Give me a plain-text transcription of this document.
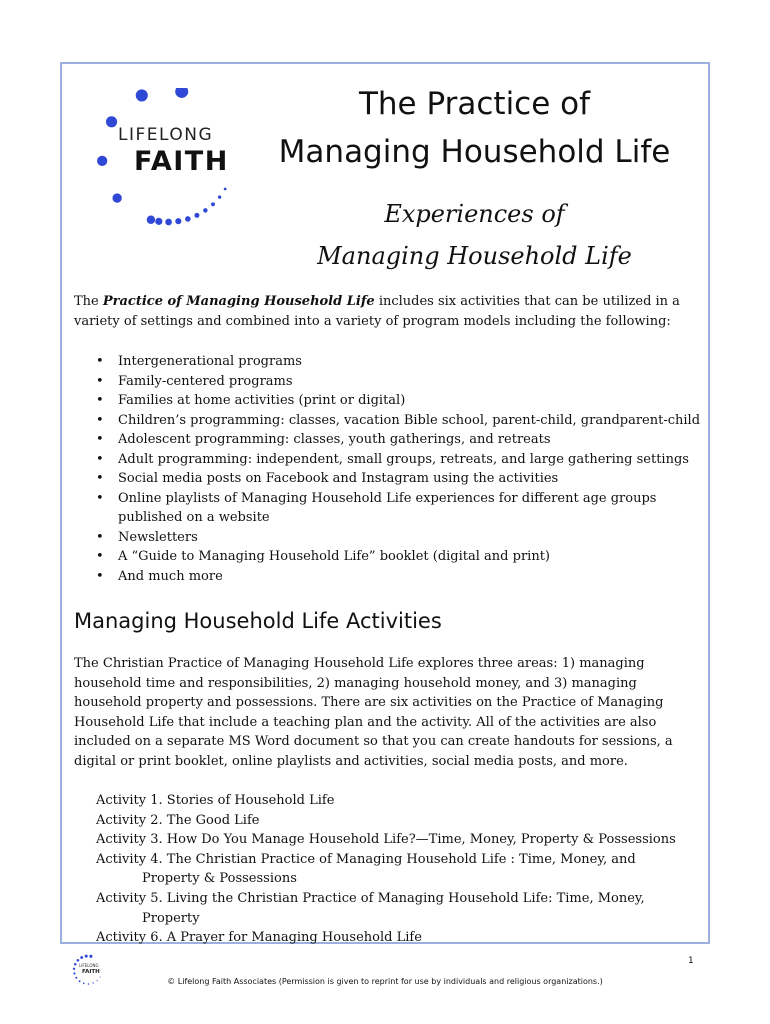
LIFELONG
FAITH
The Practice of
Managing Household Life
Experiences of
Managing Household Life

The Practice of Managing Household Life includes six activities that can be utilized in a variety of settings and combined into a variety of program models including the following:

• Intergenerational programs
• Family-centered programs
• Families at home activities (print or digital)
• Children’s programming: classes, vacation Bible school, parent-child, grandparent-child
• Adolescent programming: classes, youth gatherings, and retreats
• Adult programming: independent, small groups, retreats, and large gathering settings
• Social media posts on Facebook and Instagram using the activities
• Online playlists of Managing Household Life experiences for different age groups published on a website
• Newsletters
• A “Guide to Managing Household Life” booklet (digital and print)
• And much more
Managing Household Life Activities

The Christian Practice of Managing Household Life explores three areas: 1) managing household time and responsibilities, 2) managing household money, and 3) managing household property and possessions. There are six activities on the Practice of Managing Household Life that include a teaching plan and the activity. All of the activities are also included on a separate MS Word document so that you can create handouts for sessions, a digital or print booklet, online playlists and activities, social media posts, and more.

Activity 1. Stories of Household Life
Activity 2. The Good Life
Activity 3. How Do You Manage Household Life?—Time, Money, Property & Possessions
Activity 4. The Christian Practice of Managing Household Life : Time, Money, and Property & Possessions
Activity 5. Living the Christian Practice of Managing Household Life: Time, Money, Property
Activity 6. A Prayer for Managing Household Life
1
LIFELONG
FAITH
© Lifelong Faith Associates (Permission is given to reprint for use by individuals and religious organizations.)
